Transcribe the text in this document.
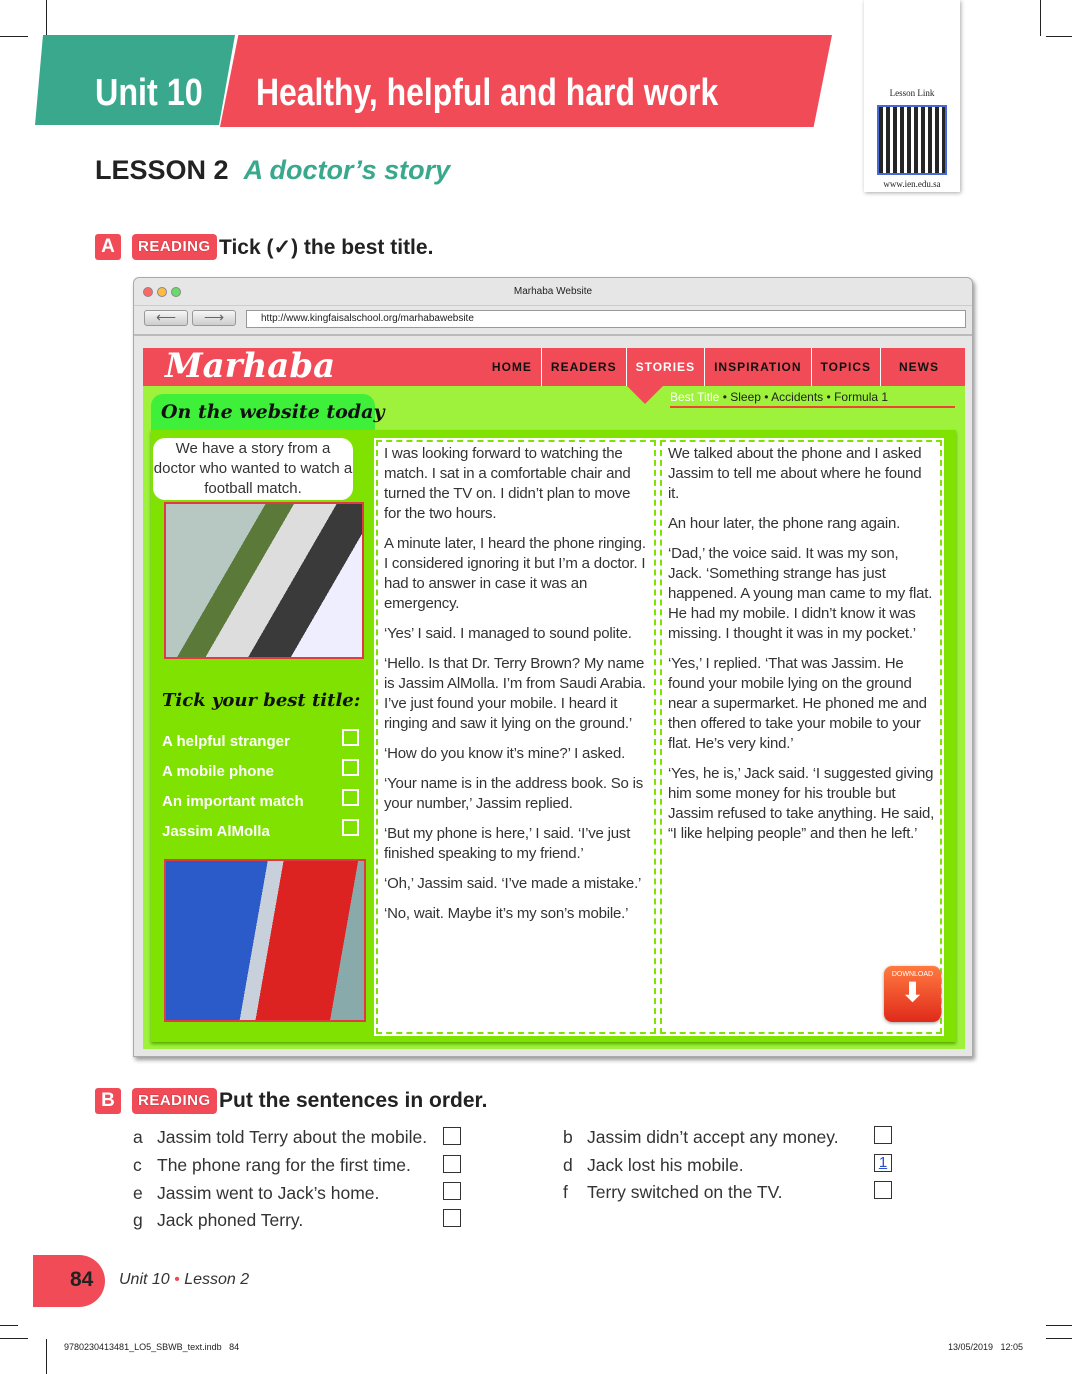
Unit 10 Healthy, helpful and hard work	Lesson Link
www.ien.edu.sa
LESSON 2 A doctor’s story
A	READING Tick (✓) the best title.
Marhaba Website
⟵	⟶	http://www.kingfaisalschool.org/marhabawebsite
Marhaba	HOME	READERS	STORIES	INSPIRATION	TOPICS	NEWS
Best Title • Sleep • Accidents • Formula 1
On the website today
We have a story from a doctor who wanted to watch a football match.
Tick your best title:
A helpful stranger
A mobile phone
An important match
Jassim AlMolla

I was looking forward to watching the match. I sat in a comfortable chair and turned the TV on. I didn’t plan to move for the two hours.

A minute later, I heard the phone ringing. I considered ignoring it but I’m a doctor. I had to answer in case it was an emergency.

‘Yes’ I said. I managed to sound polite.

‘Hello. Is that Dr. Terry Brown? My name is Jassim AlMolla. I’m from Saudi Arabia. I’ve just found your mobile. I heard it ringing and saw it lying on the ground.’

‘How do you know it’s mine?’ I asked.

‘Your name is in the address book. So is your number,’ Jassim replied.

‘But my phone is here,’ I said. ‘I’ve just finished speaking to my friend.’

‘Oh,’ Jassim said. ‘I’ve made a mistake.’

‘No, wait. Maybe it’s my son’s mobile.’

We talked about the phone and I asked Jassim to tell me about where he found it.

An hour later, the phone rang again.

‘Dad,’ the voice said. It was my son, Jack. ‘Something strange has just happened. A young man came to my flat. He had my mobile. I didn’t know it was missing. I thought it was in my pocket.’

‘Yes,’ I replied. ‘That was Jassim. He found your mobile lying on the ground near a supermarket. He phoned me and then offered to take your mobile to your flat. He’s very kind.’

‘Yes, he is,’ Jack said. ‘I suggested giving him some money for his trouble but Jassim refused to take anything. He said, “I like helping people” and then he left.’

DOWNLOAD
⬇
B	READING Put the sentences in order.
a Jassim told Terry about the mobile.
c The phone rang for the first time.
e Jassim went to Jack’s home.
g Jack phoned Terry.
b Jassim didn’t accept any money.
d Jack lost his mobile.	1
f Terry switched on the TV.
84 Unit 10 • Lesson 2
9780230413481_LO5_SBWB_text.indb   84	13/05/2019   12:05
